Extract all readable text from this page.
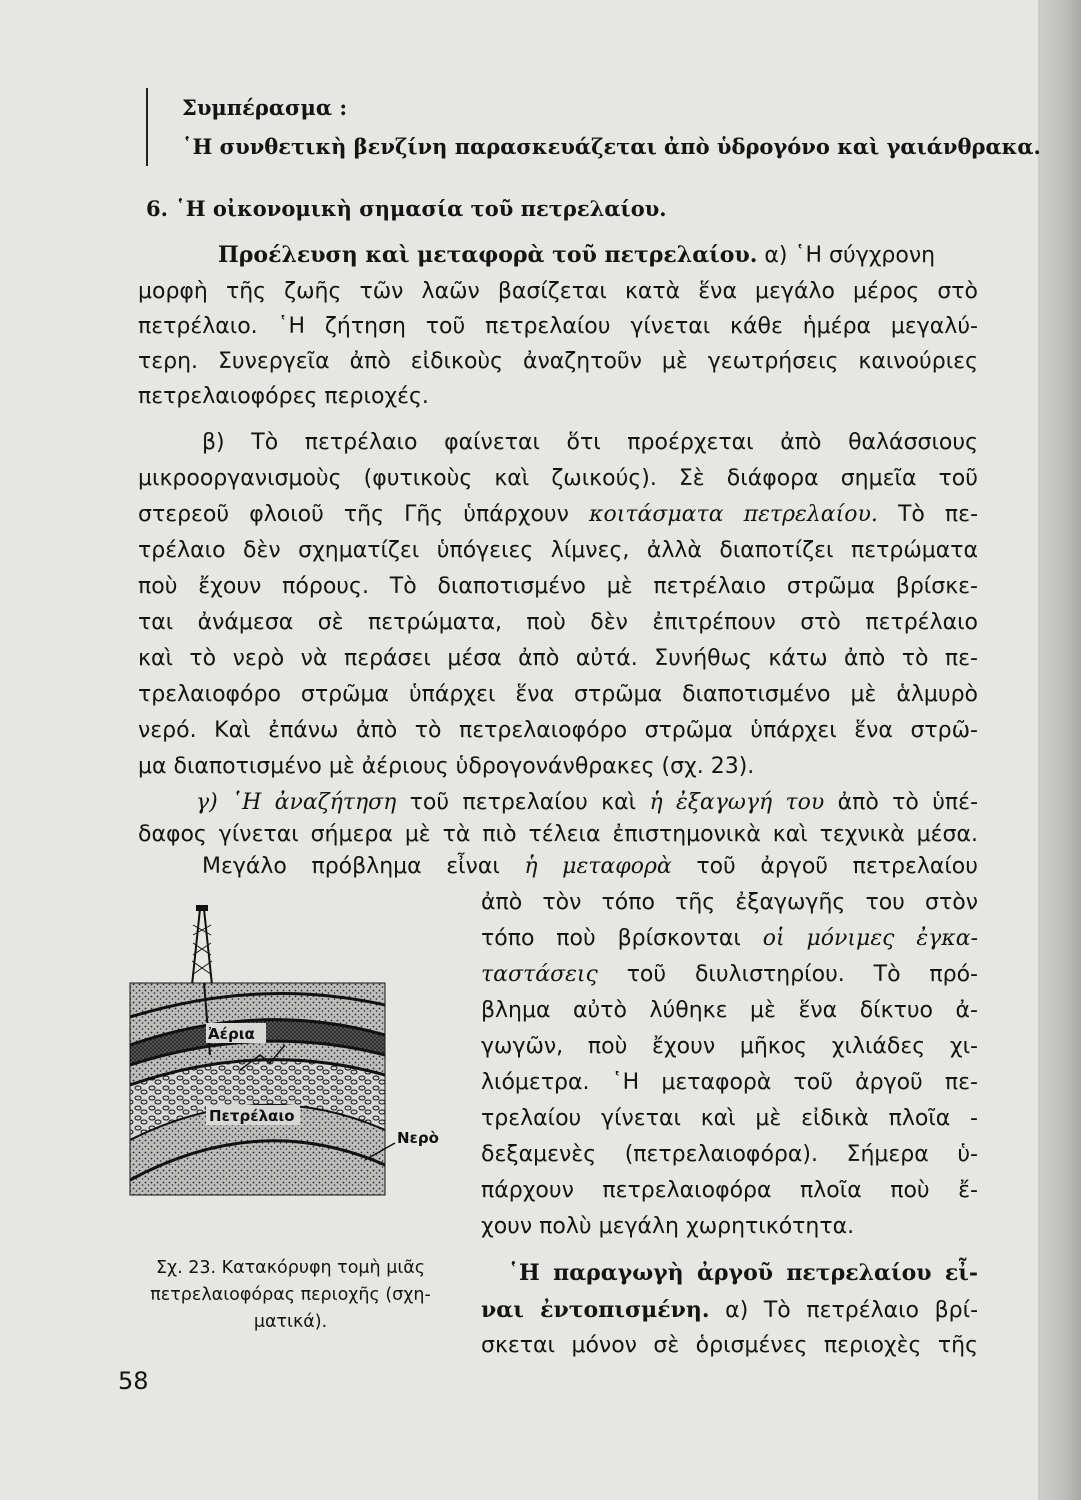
Συμπέρασμα :
῾Η συνθετικὴ βενζίνη παρασκευάζεται ἀπὸ ὑδρογόνο καὶ γαιάνθρακα.
6. ῾Η οἰκονομικὴ σημασία τοῦ πετρελαίου.
Προέλευση καὶ μεταφορὰ τοῦ πετρελαίου. α) ῾Η σύγχρονη
μορφὴ τῆς ζωῆς τῶν λαῶν βασίζεται κατὰ ἕνα μεγάλο μέρος στὸ
πετρέλαιο. ῾Η ζήτηση τοῦ πετρελαίου γίνεται κάθε ἡμέρα μεγαλύ-
τερη. Συνεργεῖα ἀπὸ εἰδικοὺς ἀναζητοῦν μὲ γεωτρήσεις καινούριες
πετρελαιοφόρες περιοχές.
β) Τὸ πετρέλαιο φαίνεται ὅτι προέρχεται ἀπὸ θαλάσσιους
μικροοργανισμοὺς (φυτικοὺς καὶ ζωικούς). Σὲ διάφορα σημεῖα τοῦ
στερεοῦ φλοιοῦ τῆς Γῆς ὑπάρχουν κοιτάσματα πετρελαίου. Τὸ πε-
τρέλαιο δὲν σχηματίζει ὑπόγειες λίμνες, ἀλλὰ διαποτίζει πετρώματα
ποὺ ἔχουν πόρους. Τὸ διαποτισμένο μὲ πετρέλαιο στρῶμα βρίσκε-
ται ἀνάμεσα σὲ πετρώματα, ποὺ δὲν ἐπιτρέπουν στὸ πετρέλαιο
καὶ τὸ νερὸ νὰ περάσει μέσα ἀπὸ αὐτά. Συνήθως κάτω ἀπὸ τὸ πε-
τρελαιοφόρο στρῶμα ὑπάρχει ἕνα στρῶμα διαποτισμένο μὲ ἁλμυρὸ
νερό. Καὶ ἐπάνω ἀπὸ τὸ πετρελαιοφόρο στρῶμα ὑπάρχει ἕνα στρῶ-
μα διαποτισμένο μὲ ἀέριους ὑδρογονάνθρακες (σχ. 23).
γ) ῾Η ἀναζήτηση τοῦ πετρελαίου καὶ ἡ ἐξαγωγή του ἀπὸ τὸ ὑπέ-
δαφος γίνεται σήμερα μὲ τὰ πιὸ τέλεια ἐπιστημονικὰ καὶ τεχνικὰ μέσα.
Μεγάλο πρόβλημα εἶναι ἡ μεταφορὰ τοῦ ἀργοῦ πετρελαίου
ἀπὸ τὸν τόπο τῆς ἐξαγωγῆς του στὸν
τόπο ποὺ βρίσκονται οἱ μόνιμες ἐγκα-
ταστάσεις τοῦ διυλιστηρίου. Τὸ πρό-
βλημα αὐτὸ λύθηκε μὲ ἕνα δίκτυο ἀ-
γωγῶν, ποὺ ἔχουν μῆκος χιλιάδες χι-
λιόμετρα. ῾Η μεταφορὰ τοῦ ἀργοῦ πε-
τρελαίου γίνεται καὶ μὲ εἰδικὰ πλοῖα -
δεξαμενὲς (πετρελαιοφόρα). Σήμερα ὑ-
πάρχουν πετρελαιοφόρα πλοῖα ποὺ ἔ-
χουν πολὺ μεγάλη χωρητικότητα.
῾Η παραγωγὴ ἀργοῦ πετρελαίου εἶ-
ναι ἐντοπισμένη. α) Τὸ πετρέλαιο βρί-
σκεται μόνον σὲ ὁρισμένες περιοχὲς τῆς
Ἀέρια
Πετρέλαιο
Νερὸ
Σχ. 23. Κατακόρυφη τομὴ μιᾶς
πετρελαιοφόρας περιοχῆς (σχη-
ματικά).
58
